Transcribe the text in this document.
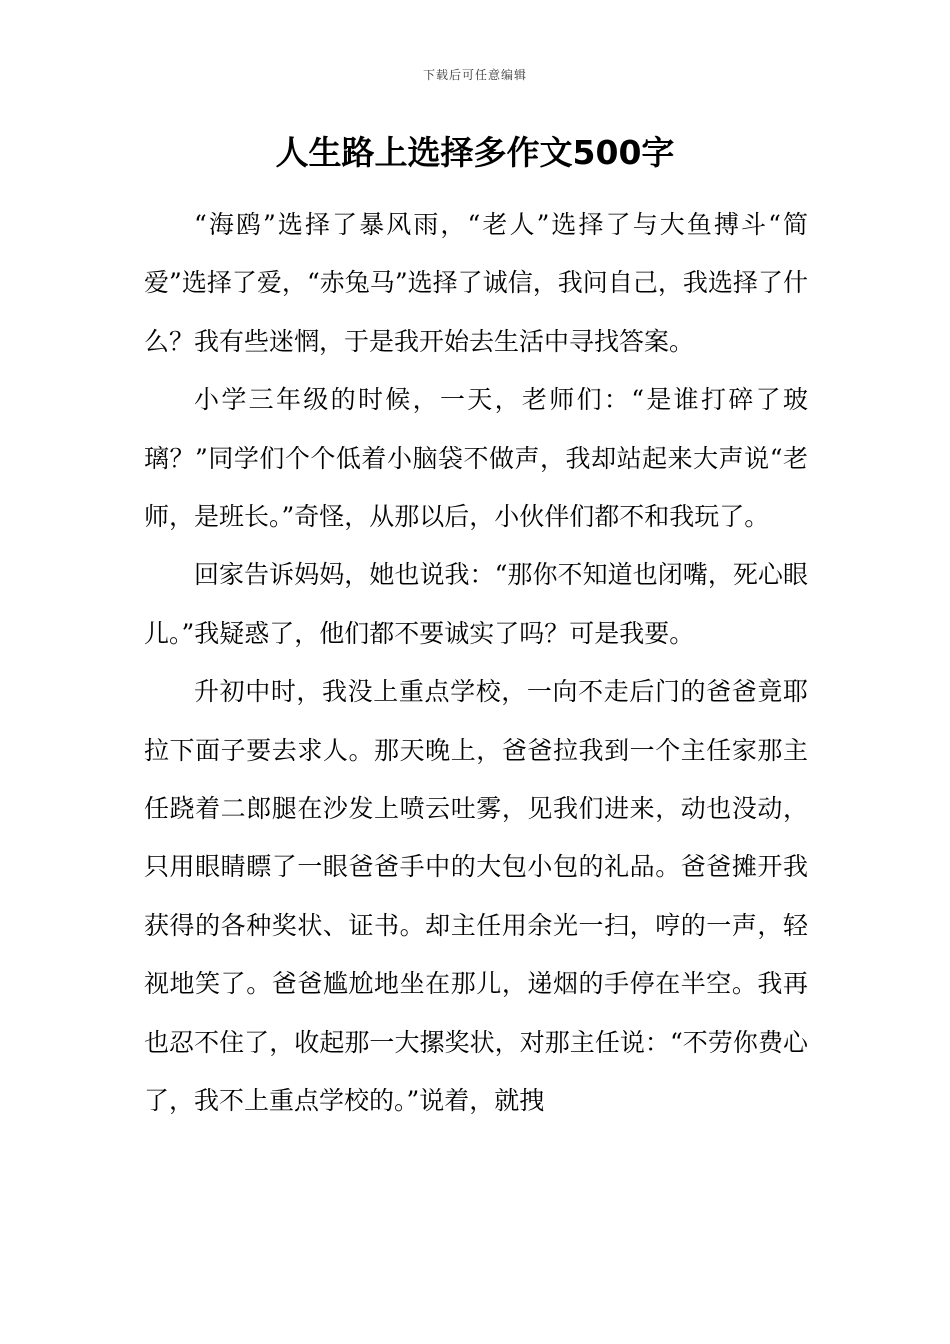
下载后可任意编辑
人生路上选择多作文500字

“海鸥”选择了暴风雨，“老人”选择了与大鱼搏斗“简爱”选择了爱，“赤兔马”选择了诚信，我问自己，我选择了什么？我有些迷惘，于是我开始去生活中寻找答案。

小学三年级的时候，一天，老师们：“是谁打碎了玻璃？”同学们个个低着小脑袋不做声，我却站起来大声说“老师，是班长。”奇怪，从那以后，小伙伴们都不和我玩了。

回家告诉妈妈，她也说我：“那你不知道也闭嘴，死心眼儿。”我疑惑了，他们都不要诚实了吗？可是我要。

升初中时，我没上重点学校，一向不走后门的爸爸竟耶拉下面子要去求人。那天晚上，爸爸拉我到一个主任家那主任跷着二郎腿在沙发上喷云吐雾，见我们进来，动也没动，只用眼睛瞟了一眼爸爸手中的大包小包的礼品。爸爸摊开我获得的各种奖状、证书。却主任用余光一扫，哼的一声，轻视地笑了。爸爸尴尬地坐在那儿，递烟的手停在半空。我再也忍不住了，收起那一大摞奖状，对那主任说：“不劳你费心了，我不上重点学校的。”说着，就拽
